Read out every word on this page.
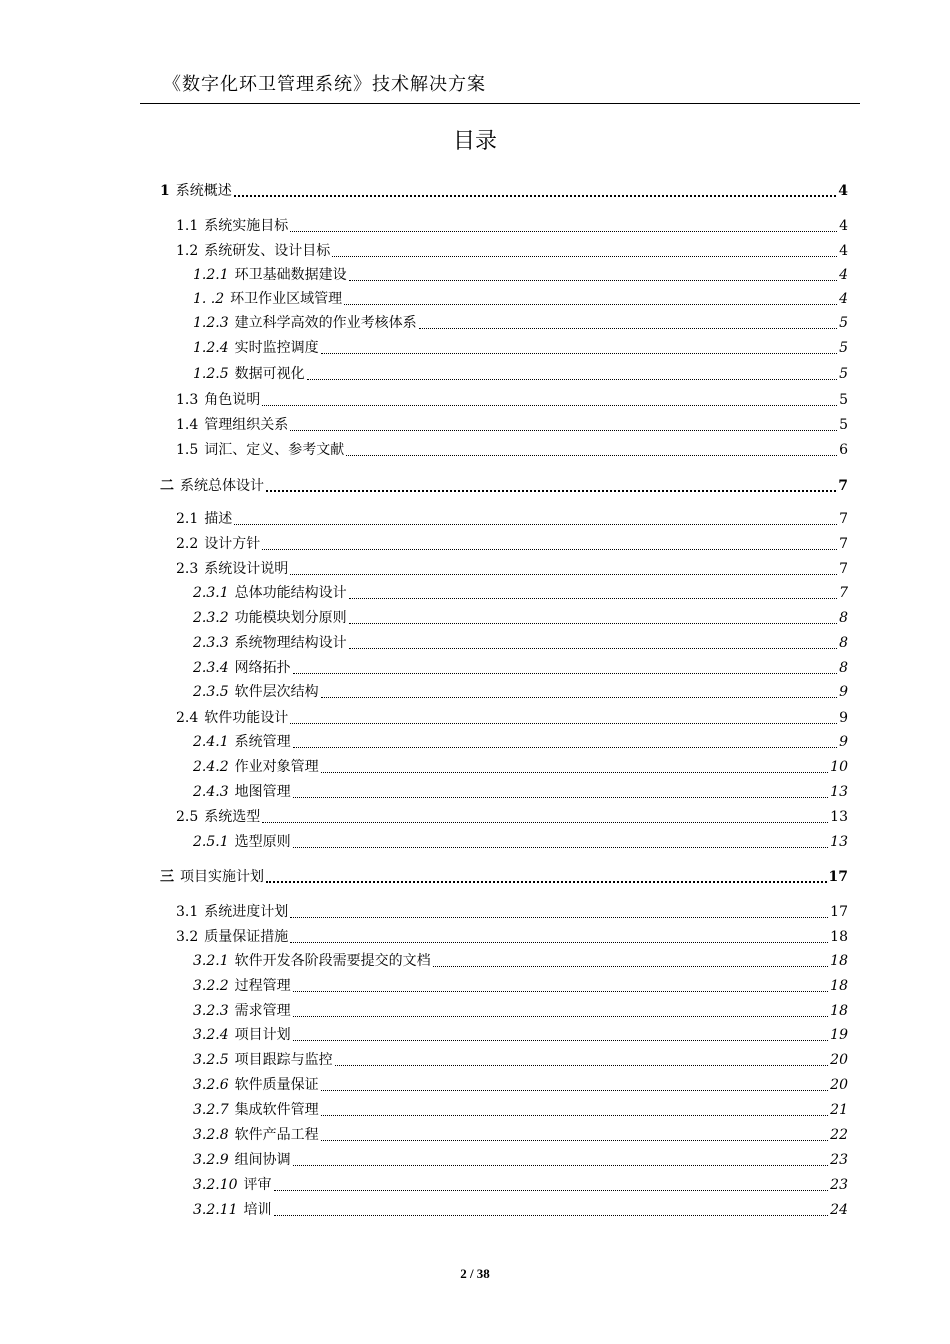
《数字化环卫管理系统》技术解决方案
目录
1 系统概述	4
1.1 系统实施目标	4
1.2 系统研发、设计目标	4
1.2.1 环卫基础数据建设	4
1. .2 环卫作业区域管理	4
1.2.3 建立科学高效的作业考核体系	5
1.2.4 实时监控调度	5
1.2.5 数据可视化	5
1.3 角色说明	5
1.4 管理组织关系	5
1.5 词汇、定义、参考文献	6
二 系统总体设计	7
2.1 描述	7
2.2 设计方针	7
2.3 系统设计说明	7
2.3.1 总体功能结构设计	7
2.3.2 功能模块划分原则	8
2.3.3 系统物理结构设计	8
2.3.4 网络拓扑	8
2.3.5 软件层次结构	9
2.4 软件功能设计	9
2.4.1 系统管理	9
2.4.2 作业对象管理	10
2.4.3 地图管理	13
2.5 系统选型	13
2.5.1 选型原则	13
三 项目实施计划	17
3.1 系统进度计划	17
3.2 质量保证措施	18
3.2.1 软件开发各阶段需要提交的文档	18
3.2.2 过程管理	18
3.2.3 需求管理	18
3.2.4 项目计划	19
3.2.5 项目跟踪与监控	20
3.2.6 软件质量保证	20
3.2.7 集成软件管理	21
3.2.8 软件产品工程	22
3.2.9 组间协调	23
3.2.10 评审	23
3.2.11 培训	24
2 / 38
